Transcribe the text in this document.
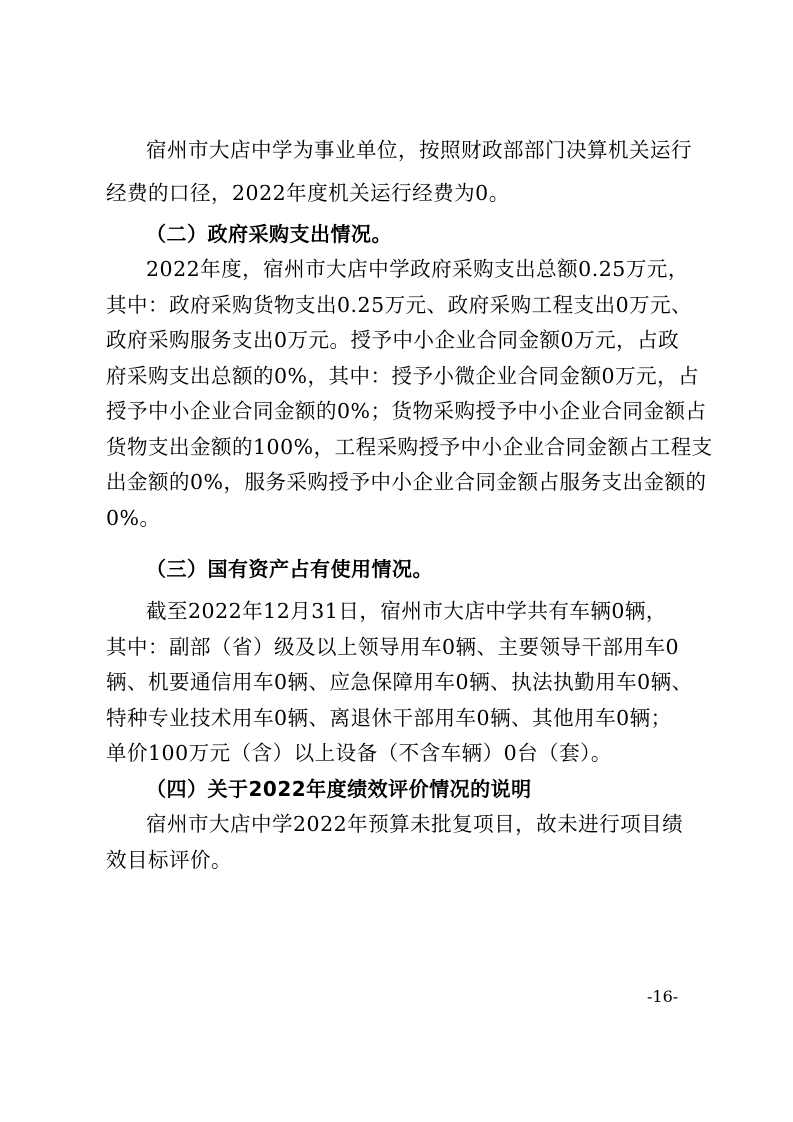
宿州市大店中学为事业单位，按照财政部部门决算机关运行
经费的口径，2022年度机关运行经费为0。
（二）政府采购支出情况。
2022年度，宿州市大店中学政府采购支出总额0.25万元，
其中：政府采购货物支出0.25万元、政府采购工程支出0万元、
政府采购服务支出0万元。授予中小企业合同金额0万元，占政
府采购支出总额的0%，其中：授予小微企业合同金额0万元，占
授予中小企业合同金额的0%；货物采购授予中小企业合同金额占
货物支出金额的100%，工程采购授予中小企业合同金额占工程支
出金额的0%，服务采购授予中小企业合同金额占服务支出金额的
0%。
（三）国有资产占有使用情况。
截至2022年12月31日，宿州市大店中学共有车辆0辆，
其中：副部（省）级及以上领导用车0辆、主要领导干部用车0
辆、机要通信用车0辆、应急保障用车0辆、执法执勤用车0辆、
特种专业技术用车0辆、离退休干部用车0辆、其他用车0辆；
单价100万元（含）以上设备（不含车辆）0台（套）。
（四）关于2022年度绩效评价情况的说明
宿州市大店中学2022年预算未批复项目，故未进行项目绩
效目标评价。
-16-
